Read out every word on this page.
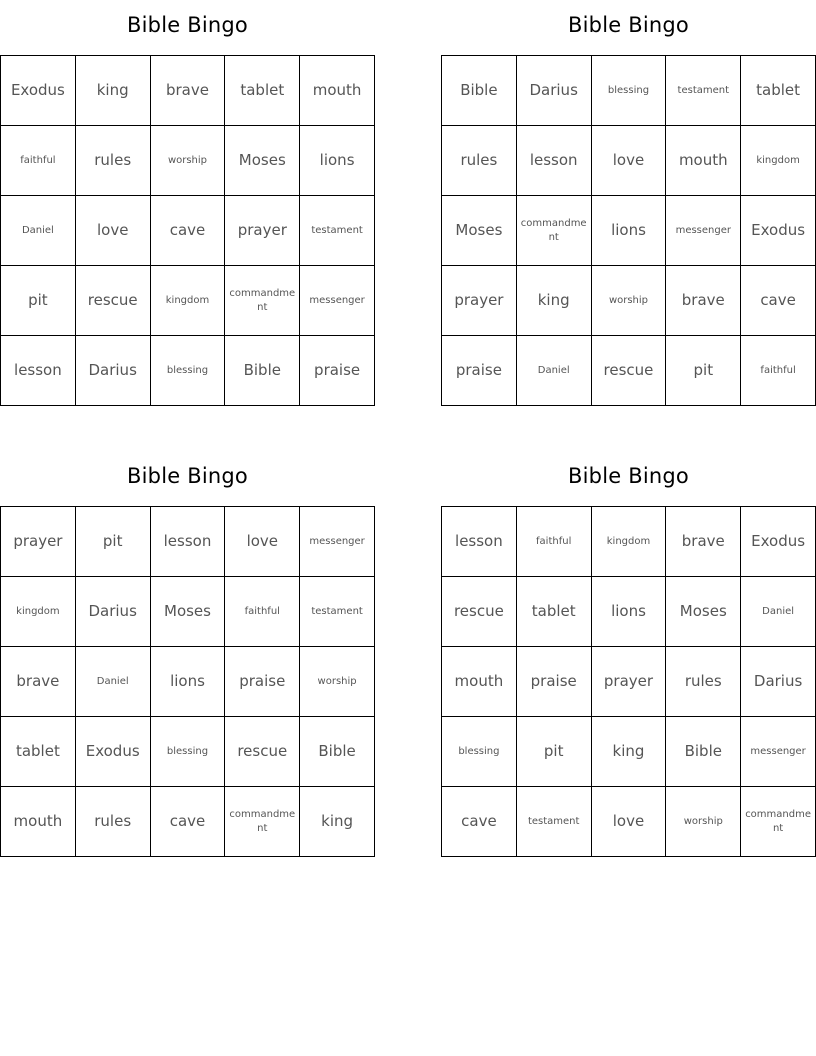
Bible Bingo
Exodus	king	brave	tablet	mouth
faithful	rules	worship	Moses	lions
Daniel	love	cave	prayer	testament
pit	rescue	kingdom	commandment	messenger
lesson	Darius	blessing	Bible	praise
Bible Bingo
Bible	Darius	blessing	testament	tablet
rules	lesson	love	mouth	kingdom
Moses	commandment	lions	messenger	Exodus
prayer	king	worship	brave	cave
praise	Daniel	rescue	pit	faithful
Bible Bingo
prayer	pit	lesson	love	messenger
kingdom	Darius	Moses	faithful	testament
brave	Daniel	lions	praise	worship
tablet	Exodus	blessing	rescue	Bible
mouth	rules	cave	commandment	king
Bible Bingo
lesson	faithful	kingdom	brave	Exodus
rescue	tablet	lions	Moses	Daniel
mouth	praise	prayer	rules	Darius
blessing	pit	king	Bible	messenger
cave	testament	love	worship	commandment
